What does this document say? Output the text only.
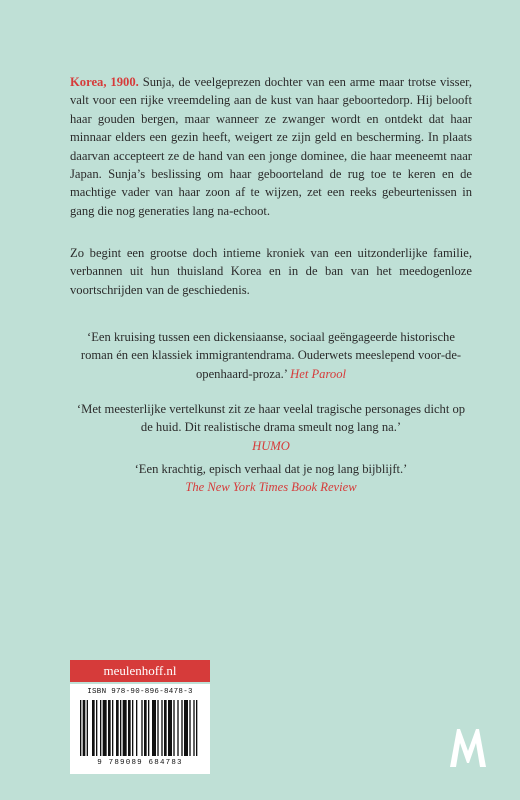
Korea, 1900. Sunja, de veelgeprezen dochter van een arme maar trotse visser, valt voor een rijke vreemdeling aan de kust van haar geboortedorp. Hij belooft haar gouden bergen, maar wanneer ze zwanger wordt en ontdekt dat haar minnaar elders een gezin heeft, weigert ze zijn geld en bescherming. In plaats daarvan accepteert ze de hand van een jonge dominee, die haar meeneemt naar Japan. Sunja’s beslissing om haar geboorteland de rug toe te keren en de machtige vader van haar zoon af te wijzen, zet een reeks gebeurtenissen in gang die nog generaties lang na-echoot.

Zo begint een grootse doch intieme kroniek van een uitzonderlijke familie, verbannen uit hun thuisland Korea en in de ban van het meedogenloze voortschrijden van de geschiedenis.

‘Een kruising tussen een dickensiaanse, sociaal geëngageerde historische roman én een klassiek immigrantendrama. Ouderwets meeslepend voor-de-openhaard-proza.’ Het Parool
‘Met meesterlijke vertelkunst zit ze haar veelal tragische personages dicht op de huid. Dit realistische drama smeult nog lang na.’
HUMO
‘Een krachtig, episch verhaal dat je nog lang bijblijft.’
The New York Times Book Review
meulenhoff.nl
ISBN 978-90-896-8478-3
9 789089 684783
